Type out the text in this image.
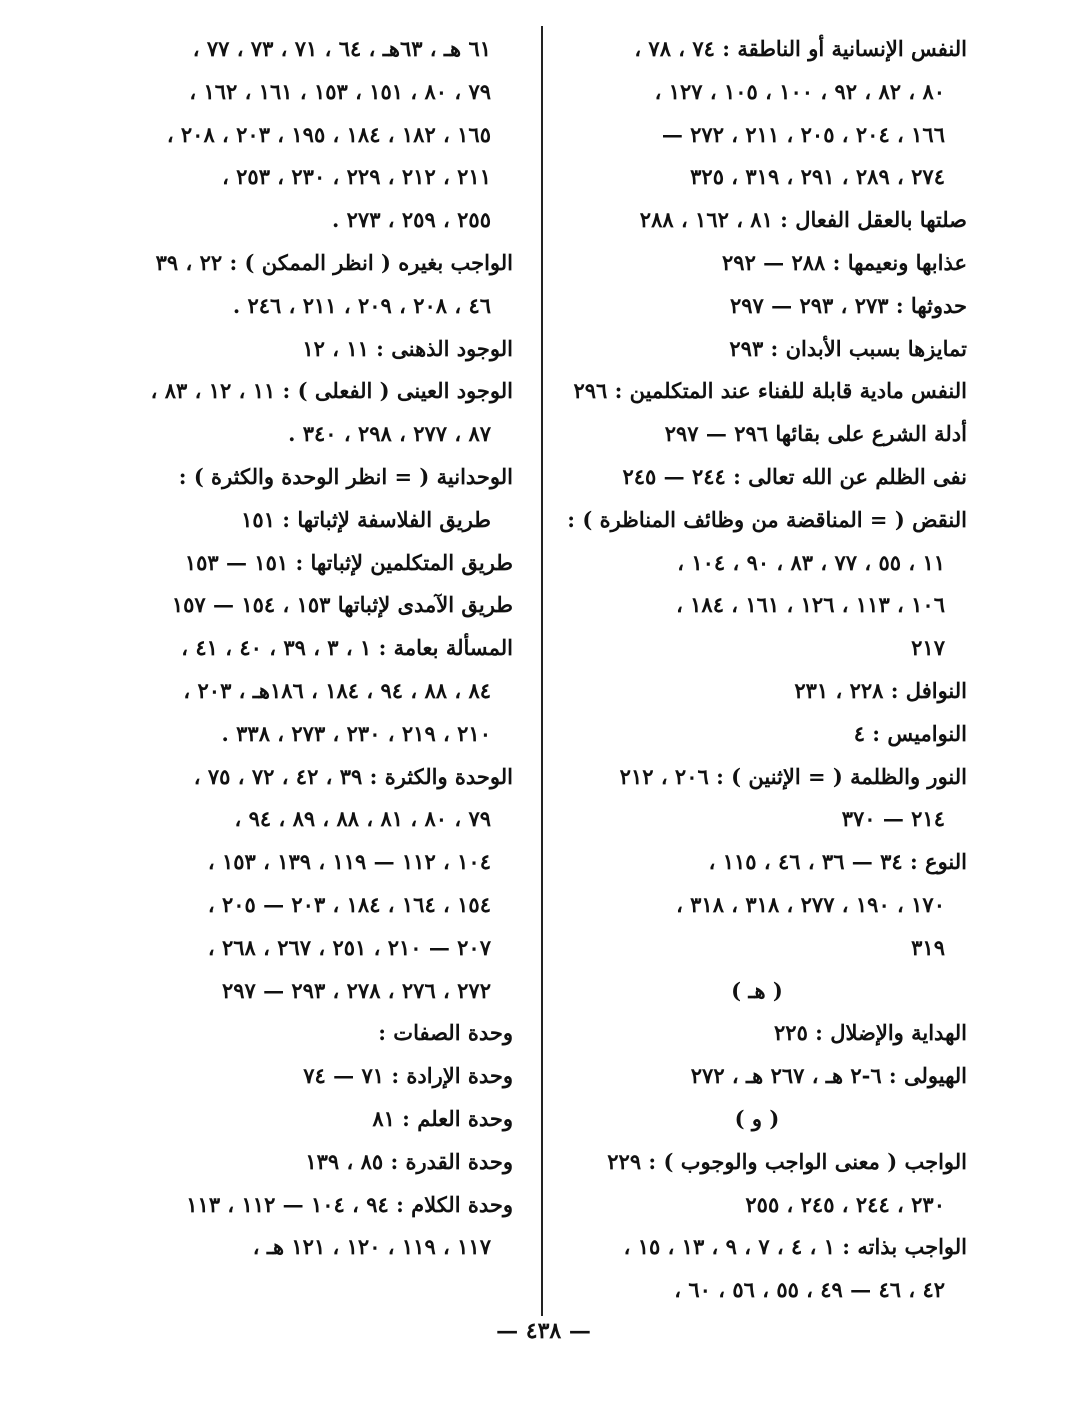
النفس الإنسانية أو الناطقة : ٧٤ ، ٧٨ ،
٨٠ ، ٨٢ ، ٩٢ ، ١٠٠ ، ١٠٥ ، ١٢٧ ،
١٦٦ ، ٢٠٤ ، ٢٠٥ ، ٢١١ ، ٢٧٢ —
٢٧٤ ، ٢٨٩ ، ٢٩١ ، ٣١٩ ، ٣٢٥
صلتها بالعقل الفعال : ٨١ ، ١٦٢ ، ٢٨٨
عذابها ونعيمها : ٢٨٨ — ٢٩٢
حدوثها : ٢٧٣ ، ٢٩٣ — ٢٩٧
تمايزها بسبب الأبدان : ٢٩٣
النفس مادية قابلة للفناء عند المتكلمين : ٢٩٦
أدلة الشرع على بقائها ٢٩٦ — ٢٩٧
نفى الظلم عن الله تعالى : ٢٤٤ — ٢٤٥
النقض ( = المناقضة من وظائف المناظرة ) :
١١ ، ٥٥ ، ٧٧ ، ٨٣ ، ٩٠ ، ١٠٤ ،
١٠٦ ، ١١٣ ، ١٢٦ ، ١٦١ ، ١٨٤ ،
٢١٧
النوافل : ٢٢٨ ، ٢٣١
النواميس : ٤
النور والظلمة ( = الإثنين ) : ٢٠٦ ، ٢١٢
٢١٤ — ٣٧٠
النوع : ٣٤ — ٣٦ ، ٤٦ ، ١١٥ ،
١٧٠ ، ١٩٠ ، ٢٧٧ ، ٣١٨ ، ٣١٨ ،
٣١٩
( هـ )
الهداية والإضلال : ٢٢٥
الهيولى : ٦-٢ هـ ، ٢٦٧ هـ ، ٢٧٢
( و )
الواجب ( معنى الواجب والوجوب ) : ٢٢٩
٢٣٠ ، ٢٤٤ ، ٢٤٥ ، ٢٥٥
الواجب بذاته : ١ ، ٤ ، ٧ ، ٩ ، ١٣ ، ١٥ ،
٤٢ ، ٤٦ — ٤٩ ، ٥٥ ، ٥٦ ، ٦٠ ،
٦١ هـ ، ٦٣هـ ، ٦٤ ، ٧١ ، ٧٣ ، ٧٧ ،
٧٩ ، ٨٠ ، ١٥١ ، ١٥٣ ، ١٦١ ، ١٦٢ ،
١٦٥ ، ١٨٢ ، ١٨٤ ، ١٩٥ ، ٢٠٣ ، ٢٠٨ ،
٢١١ ، ٢١٢ ، ٢٢٩ ، ٢٣٠ ، ٢٥٣ ،
٢٥٥ ، ٢٥٩ ، ٢٧٣ .
الواجب بغيره ( انظر الممكن ) : ٢٢ ، ٣٩
٤٦ ، ٢٠٨ ، ٢٠٩ ، ٢١١ ، ٢٤٦ .
الوجود الذهنى : ١١ ، ١٢
الوجود العينى ( الفعلى ) : ١١ ، ١٢ ، ٨٣ ،
٨٧ ، ٢٧٧ ، ٢٩٨ ، ٣٤٠ .
الوحدانية ( = انظر الوحدة والكثرة ) :
طريق الفلاسفة لإثباتها : ١٥١
طريق المتكلمين لإثباتها : ١٥١ — ١٥٣
طريق الآمدى لإثباتها ١٥٣ ، ١٥٤ — ١٥٧
المسألة بعامة : ١ ، ٣ ، ٣٩ ، ٤٠ ، ٤١ ،
٨٤ ، ٨٨ ، ٩٤ ، ١٨٤ ، ١٨٦هـ ، ٢٠٣ ،
٢١٠ ، ٢١٩ ، ٢٣٠ ، ٢٧٣ ، ٣٣٨ .
الوحدة والكثرة : ٣٩ ، ٤٢ ، ٧٢ ، ٧٥ ،
٧٩ ، ٨٠ ، ٨١ ، ٨٨ ، ٨٩ ، ٩٤ ،
١٠٤ ، ١١٢ — ١١٩ ، ١٣٩ ، ١٥٣ ،
١٥٤ ، ١٦٤ ، ١٨٤ ، ٢٠٣ — ٢٠٥ ،
٢٠٧ — ٢١٠ ، ٢٥١ ، ٢٦٧ ، ٢٦٨ ،
٢٧٢ ، ٢٧٦ ، ٢٧٨ ، ٢٩٣ — ٢٩٧
وحدة الصفات :
وحدة الإرادة : ٧١ — ٧٤
وحدة العلم : ٨١
وحدة القدرة : ٨٥ ، ١٣٩
وحدة الكلام : ٩٤ ، ١٠٤ — ١١٢ ، ١١٣
١١٧ ، ١١٩ ، ١٢٠ ، ١٢١ هـ ،
— ٤٣٨ —
